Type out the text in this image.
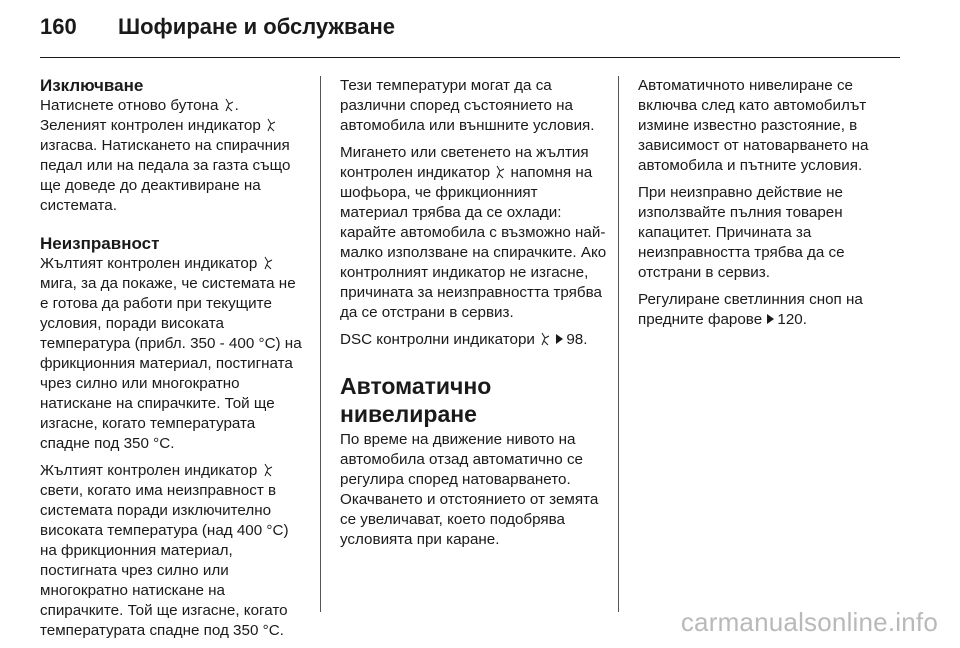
160	Шофиране и обслужване
Изключване

Натиснете отново бутона .
Зеленият контролен индикатор  изгасва. Натискането на спирачния педал или на педала за газта също ще доведе до деактивиране на системата.

Неизправност

Жълтият контролен индикатор  мига, за да покаже, че системата не е готова да работи при текущите условия, поради високата температура (прибл. 350 - 400 °C) на фрикционния материал, постигната чрез силно или многократно натискане на спирачките. Той ще изгасне, когато температурата спадне под 350 °C.

Жълтият контролен индикатор  свети, когато има неизправност в системата поради изключително високата температура (над 400 °C) на фрикционния материал, постигната чрез силно или многократно натискане на спирачките. Той ще изгасне, когато температурата спадне под 350 °C.

Тези температури могат да са различни според състоянието на автомобила или външните условия.

Мигането или светенето на жълтия контролен индикатор напомня на шофьора, че фрикционният материал трябва да се охлади: карайте автомобила с възможно най-малко използване на спирачките. Ако контролният индикатор не изгасне, причината за неизправността трябва да се отстрани в сервиз.

DSC контролни индикатори 98.

Автоматично нивелиране

По време на движение нивото на автомобила отзад автоматично се регулира според натоварването. Окачването и отстоянието от земята се увеличават, което подобрява условията при каране.

Автоматичното нивелиране се включва след като автомобилът измине известно разстояние, в зависимост от натоварването на автомобила и пътните условия.

При неизправно действие не използвайте пълния товарен капацитет. Причината за неизправността трябва да се отстрани в сервиз.

Регулиране светлинния сноп на предните фарове 120.

carmanualsonline.info
